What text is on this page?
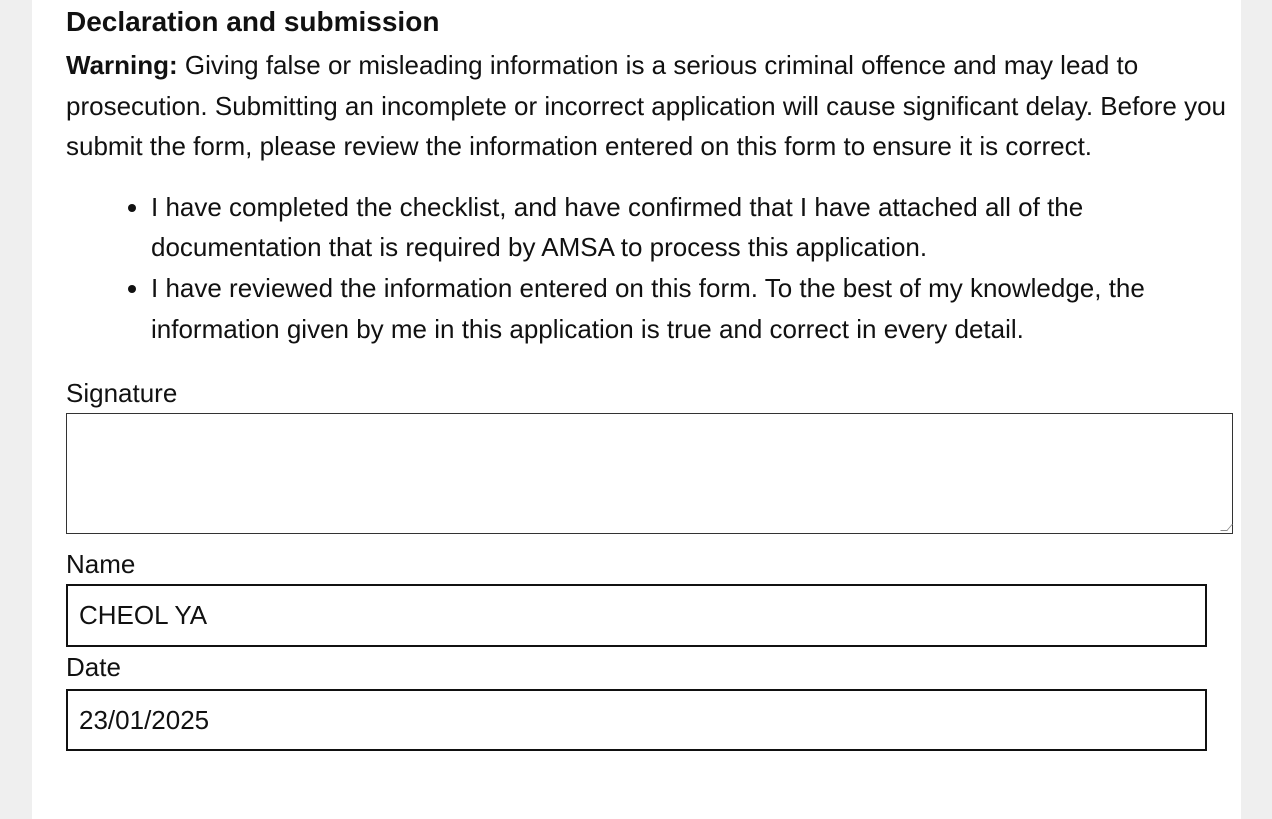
Declaration and submission

Warning: Giving false or misleading information is a serious criminal offence and may lead to prosecution. Submitting an incomplete or incorrect application will cause significant delay. Before you submit the form, please review the information entered on this form to ensure it is correct.

• I have completed the checklist, and have confirmed that I have attached all of the documentation that is required by AMSA to process this application.
• I have reviewed the information entered on this form. To the best of my knowledge, the information given by me in this application is true and correct in every detail.
Signature
Name
CHEOL YA
Date
23/01/2025
